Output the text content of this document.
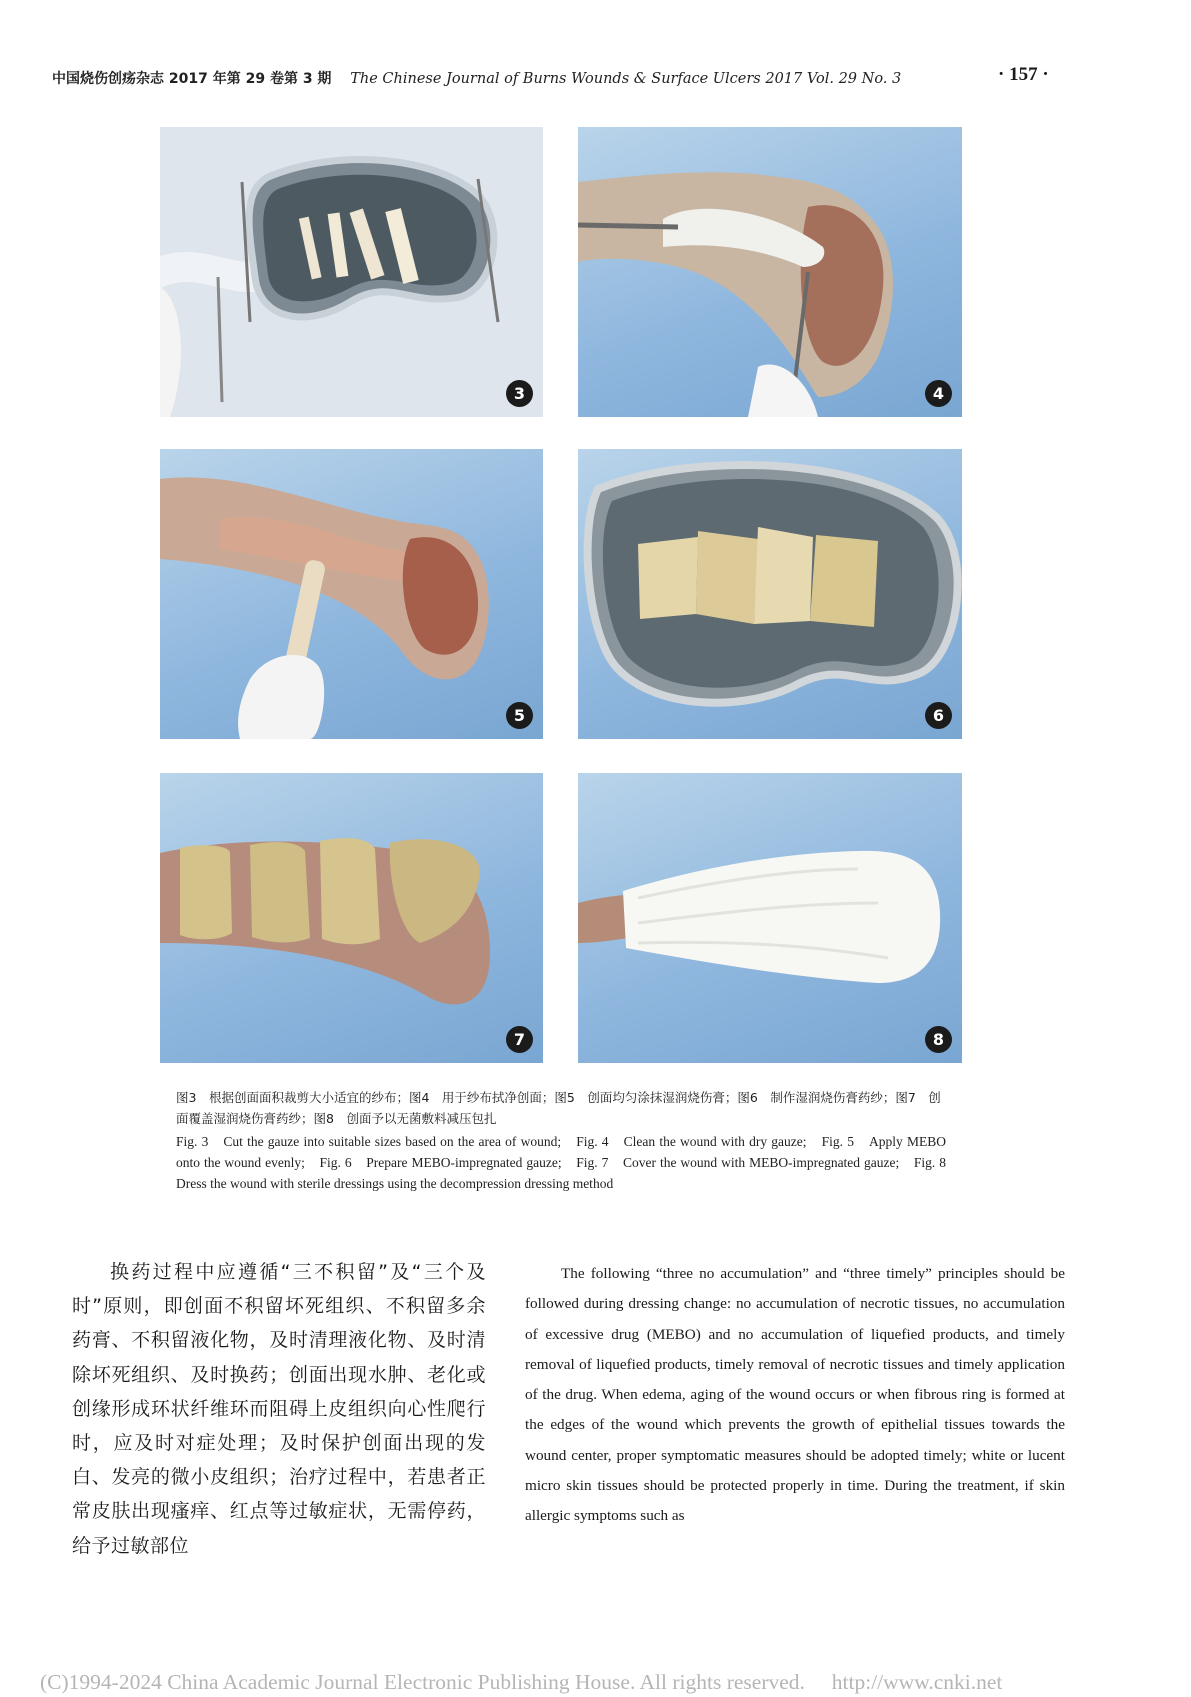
中国烧伤创疡杂志 2017 年第 29 卷第 3 期 The Chinese Journal of Burns Wounds & Surface Ulcers 2017 Vol. 29 No. 3	· 157 ·
3	4
5	6
7	8
图3　根据创面面积裁剪大小适宜的纱布；图4　用于纱布拭净创面；图5　创面均匀涂抹湿润烧伤膏；图6　制作湿润烧伤膏药纱；图7　创面覆盖湿润烧伤膏药纱；图8　创面予以无菌敷料减压包扎
Fig. 3　Cut the gauze into suitable sizes based on the area of wound;　Fig. 4　Clean the wound with dry gauze;　Fig. 5　Apply MEBO onto the wound evenly;　Fig. 6　Prepare MEBO-impregnated gauze;　Fig. 7　Cover the wound with MEBO-impregnated gauze;　Fig. 8　Dress the wound with sterile dressings using the decompression dressing method
换药过程中应遵循“三不积留”及“三个及时”原则，即创面不积留坏死组织、不积留多余药膏、不积留液化物，及时清理液化物、及时清除坏死组织、及时换药；创面出现水肿、老化或创缘形成环状纤维环而阻碍上皮组织向心性爬行时，应及时对症处理；及时保护创面出现的发白、发亮的微小皮组织；治疗过程中，若患者正常皮肤出现瘙痒、红点等过敏症状，无需停药，给予过敏部位
The following “three no accumulation” and “three timely” principles should be followed during dressing change: no accumulation of necrotic tissues, no accumulation of excessive drug (MEBO) and no accumulation of liquefied products, and timely removal of liquefied products, timely removal of necrotic tissues and timely application of the drug. When edema, aging of the wound occurs or when fibrous ring is formed at the edges of the wound which prevents the growth of epithelial tissues towards the wound center, proper symptomatic measures should be adopted timely; white or lucent micro skin tissues should be protected properly in time. During the treatment, if skin allergic symptoms such as
(C)1994-2024 China Academic Journal Electronic Publishing House. All rights reserved.　 http://www.cnki.net
